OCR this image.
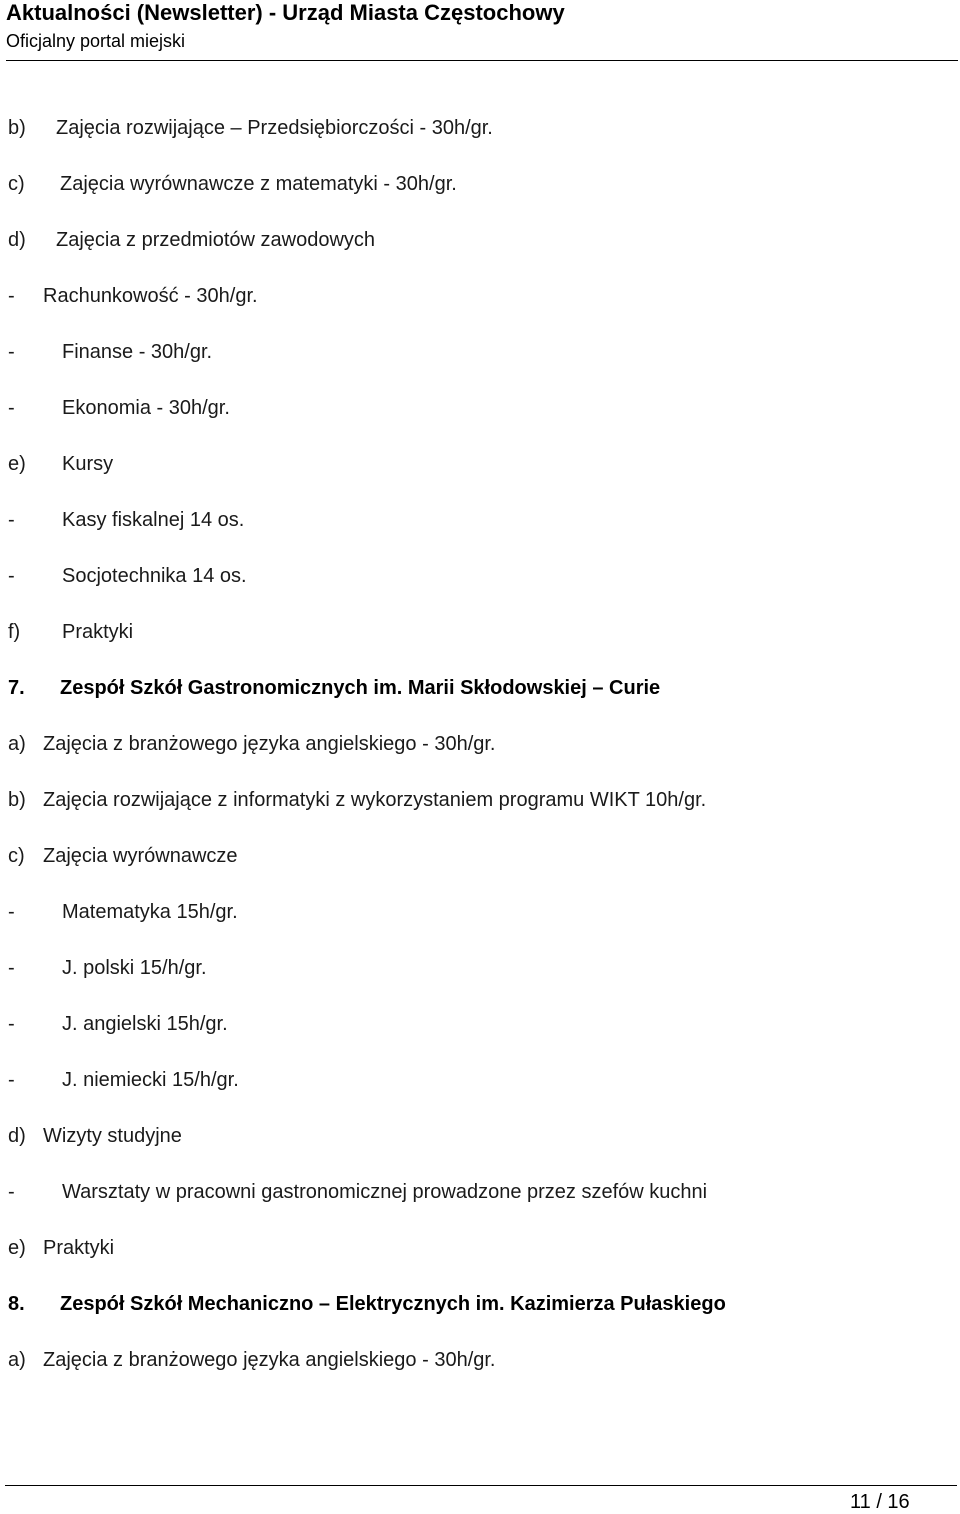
Aktualności (Newsletter) - Urząd Miasta Częstochowy
Oficjalny portal miejski
b) Zajęcia rozwijające – Przedsiębiorczości - 30h/gr.
c) Zajęcia wyrównawcze z matematyki - 30h/gr.
d) Zajęcia z przedmiotów zawodowych
- Rachunkowość - 30h/gr.
- Finanse - 30h/gr.
- Ekonomia - 30h/gr.
e) Kursy
- Kasy fiskalnej 14 os.
- Socjotechnika 14 os.
f) Praktyki
7. Zespół Szkół Gastronomicznych im. Marii Skłodowskiej – Curie
a) Zajęcia z branżowego języka angielskiego - 30h/gr.
b) Zajęcia rozwijające z informatyki z wykorzystaniem programu WIKT 10h/gr.
c) Zajęcia wyrównawcze
- Matematyka 15h/gr.
- J. polski 15/h/gr.
- J. angielski 15h/gr.
- J. niemiecki 15/h/gr.
d) Wizyty studyjne
- Warsztaty w pracowni gastronomicznej prowadzone przez szefów kuchni
e) Praktyki
8. Zespół Szkół Mechaniczno – Elektrycznych im. Kazimierza Pułaskiego
a) Zajęcia z branżowego języka angielskiego - 30h/gr.
11 / 16
